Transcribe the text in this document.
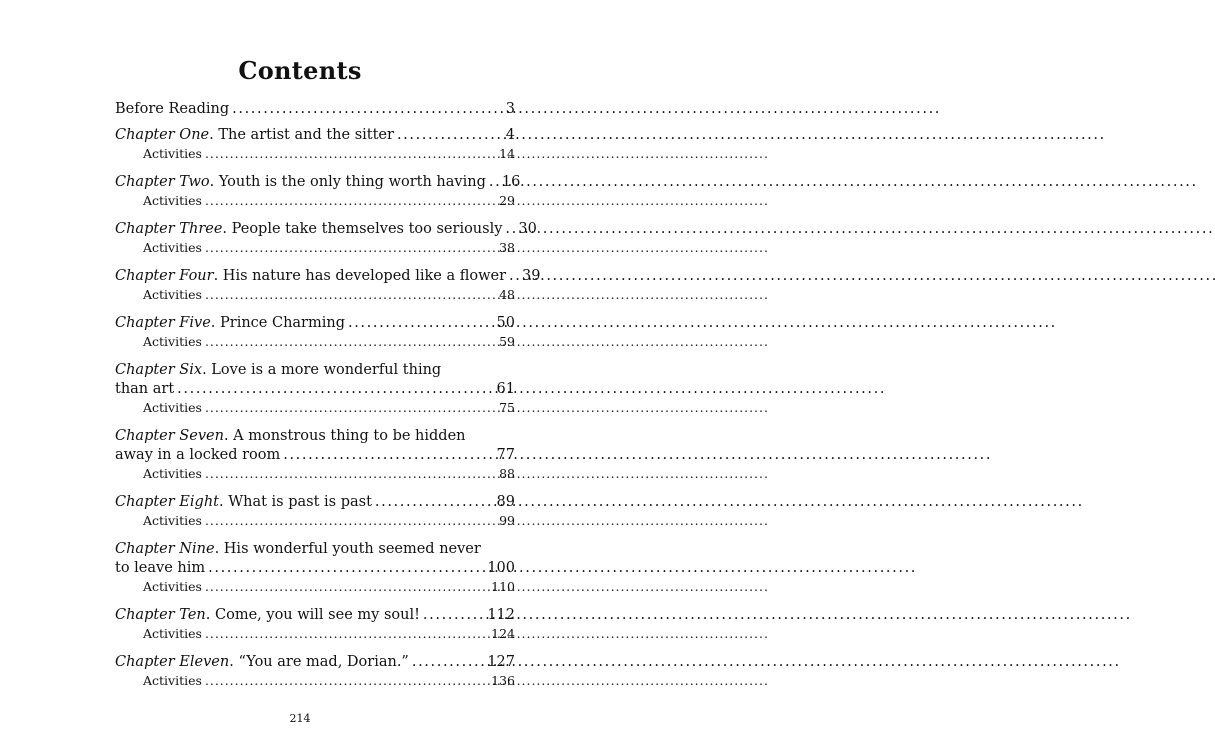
Contents
Before Reading . . .	3
Chapter One. The artist and the sitter . . .	4
Activities . . .	14
Chapter Two. Youth is the only thing worth having . . . 16
Activities . . .	29
Chapter Three. People take themselves too seriously . . . 30
Activities . . .	38
Chapter Four. His nature has developed like a flower . . . 39
Activities . . .	48
Chapter Five. Prince Charming . . .	50
Activities . . .	59
Chapter Six. Love is a more wonderful thing
than art . . .	61
Activities . . .	75
Chapter Seven. A monstrous thing to be hidden
away in a locked room . . .	77
Activities . . .	88
Chapter Eight. What is past is past . . .	89
Activities . . .	99
Chapter Nine. His wonderful youth seemed never
to leave him . . .	100
Activities . . .	110
Chapter Ten. Come, you will see my soul! . . .	112
Activities . . .	124
Chapter Eleven. “You are mad, Dorian.” . . .	127
Activities . . .	136
214
